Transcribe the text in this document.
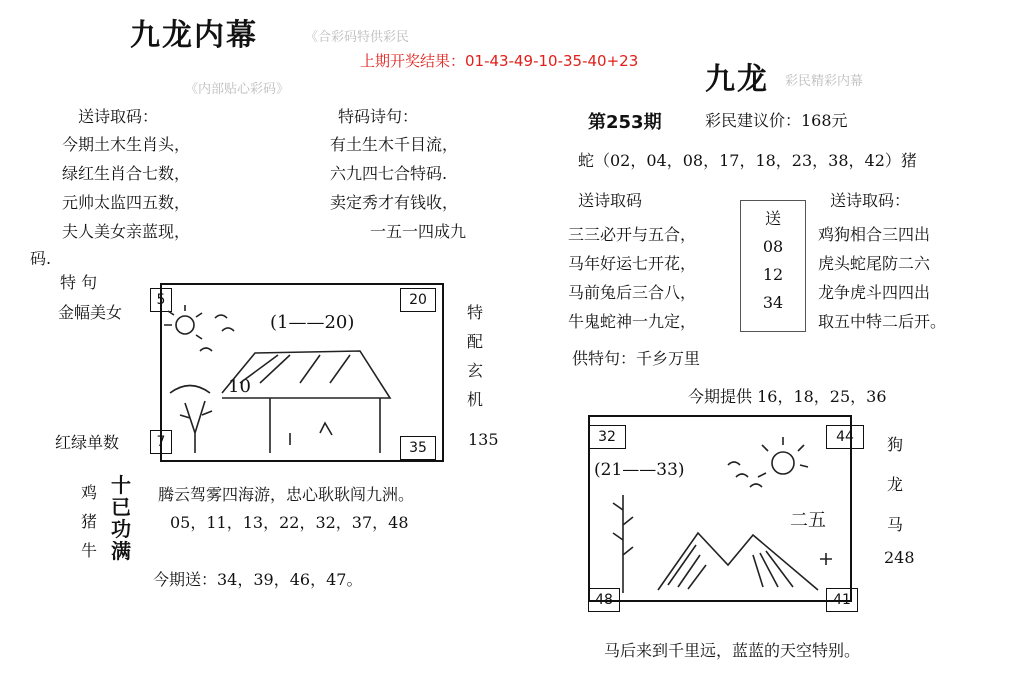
九龙内幕	《合彩码特供彩民
《内部贴心彩码》
上期开奖结果：01-43-49-10-35-40+23
送诗取码：
今期土木生肖头，
绿红生肖合七数，
元帅太监四五数，
夫人美女亲蓝现，
码.
特码诗句：
有土生木千目流，
六九四七合特码.
卖定秀才有钱收，
一五一四成九
特 句
金幅美女
红绿单数	135
特
配
玄
机
5	20
7	35
(1——20)
10
鸡
猪
牛
十
已
功
满
腾云驾雾四海游，忠心耿耿闯九洲。
05，11，13，22，32，37，48
今期送：34，39，46，47。
九龙 彩民精彩内幕
第253期	彩民建议价：168元
蛇（02，04，08，17，18，23，38，42）猪
送诗取码
三三必开与五合，
马年好运七开花，
马前兔后三合八，
牛鬼蛇神一九定，
送
08
12
34
送诗取码：
鸡狗相合三四出
虎头蛇尾防二六
龙争虎斗四四出
取五中特二后开。
供特句：千乡万里
今期提供 16，18，25，36
32	44
48	41
(21——33)
二五
狗
龙
马
248
马后来到千里远，蓝蓝的天空特别。
